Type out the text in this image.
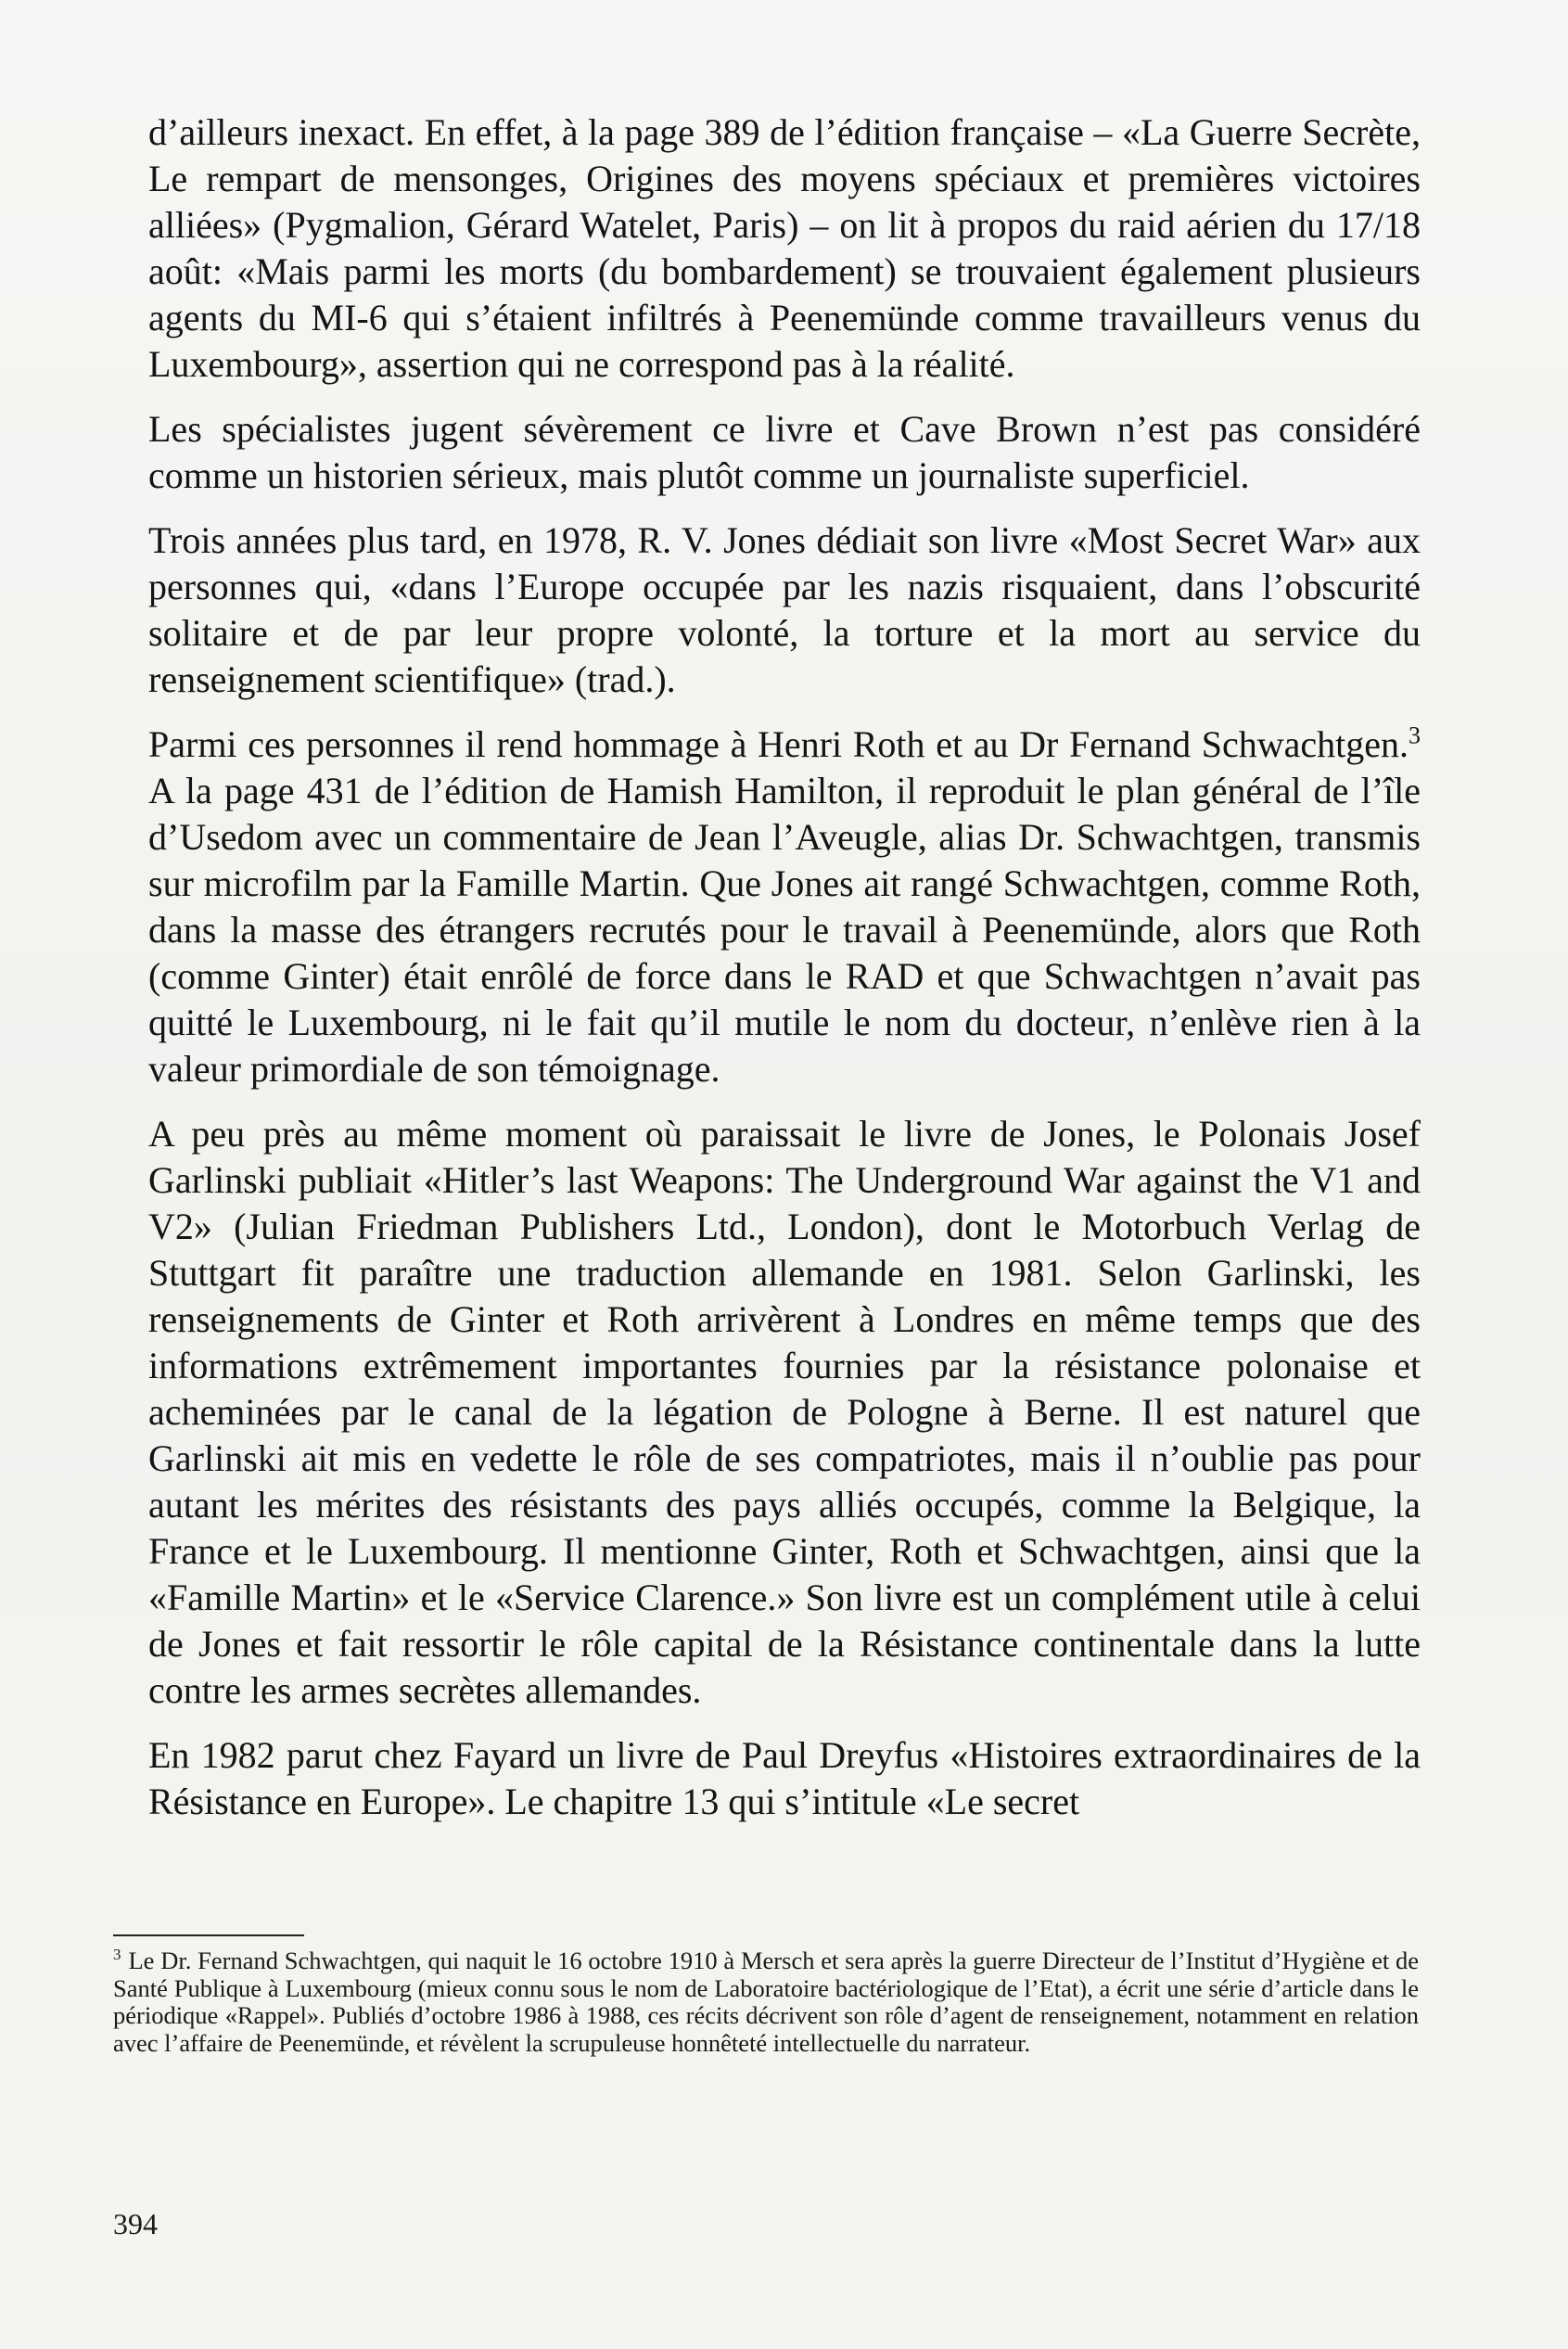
d’ailleurs inexact. En effet, à la page 389 de l’édition française – «La Guerre Secrète, Le rempart de mensonges, Origines des moyens spéciaux et premières victoires alliées» (Pygmalion, Gérard Watelet, Paris) – on lit à propos du raid aérien du 17/18 août: «Mais parmi les morts (du bombardement) se trouvaient également plusieurs agents du MI-6 qui s’étaient infiltrés à Peenemünde comme travailleurs venus du Luxembourg», assertion qui ne correspond pas à la réalité.

Les spécialistes jugent sévèrement ce livre et Cave Brown n’est pas considéré comme un historien sérieux, mais plutôt comme un journaliste superficiel.

Trois années plus tard, en 1978, R. V. Jones dédiait son livre «Most Secret War» aux personnes qui, «dans l’Europe occupée par les nazis risquaient, dans l’obscurité solitaire et de par leur propre volonté, la torture et la mort au service du renseignement scientifique» (trad.).

Parmi ces personnes il rend hommage à Henri Roth et au Dr Fernand Schwachtgen.$^3$ A la page 431 de l’édition de Hamish Hamilton, il reproduit le plan général de l’île d’Usedom avec un commentaire de Jean l’Aveugle, alias Dr. Schwachtgen, transmis sur microfilm par la Famille Martin. Que Jones ait rangé Schwachtgen, comme Roth, dans la masse des étrangers recrutés pour le travail à Peenemünde, alors que Roth (comme Ginter) était enrôlé de force dans le RAD et que Schwachtgen n’avait pas quitté le Luxembourg, ni le fait qu’il mutile le nom du docteur, n’enlève rien à la valeur primordiale de son témoignage.

A peu près au même moment où paraissait le livre de Jones, le Polonais Josef Garlinski publiait «Hitler’s last Weapons: The Underground War against the V1 and V2» (Julian Friedman Publishers Ltd., London), dont le Motorbuch Verlag de Stuttgart fit paraître une traduction allemande en 1981. Selon Garlinski, les renseignements de Ginter et Roth arrivèrent à Londres en même temps que des informations extrêmement importantes fournies par la résistance polonaise et acheminées par le canal de la légation de Pologne à Berne. Il est naturel que Garlinski ait mis en vedette le rôle de ses compatriotes, mais il n’oublie pas pour autant les mérites des résistants des pays alliés occupés, comme la Belgique, la France et le Luxembourg. Il mentionne Ginter, Roth et Schwachtgen, ainsi que la «Famille Martin» et le «Service Clarence.» Son livre est un complément utile à celui de Jones et fait ressortir le rôle capital de la Résistance continentale dans la lutte contre les armes secrètes allemandes.

En 1982 parut chez Fayard un livre de Paul Dreyfus «Histoires extraordinaires de la Résistance en Europe». Le chapitre 13 qui s’intitule «Le secret

$^3$ Le Dr. Fernand Schwachtgen, qui naquit le 16 octobre 1910 à Mersch et sera après la guerre Directeur de l’Institut d’Hygiène et de Santé Publique à Luxembourg (mieux connu sous le nom de Laboratoire bactériologique de l’Etat), a écrit une série d’article dans le périodique «Rappel». Publiés d’octobre 1986 à 1988, ces récits décrivent son rôle d’agent de renseignement, notamment en relation avec l’affaire de Peenemünde, et révèlent la scrupuleuse honnêteté intellectuelle du narrateur.
394
